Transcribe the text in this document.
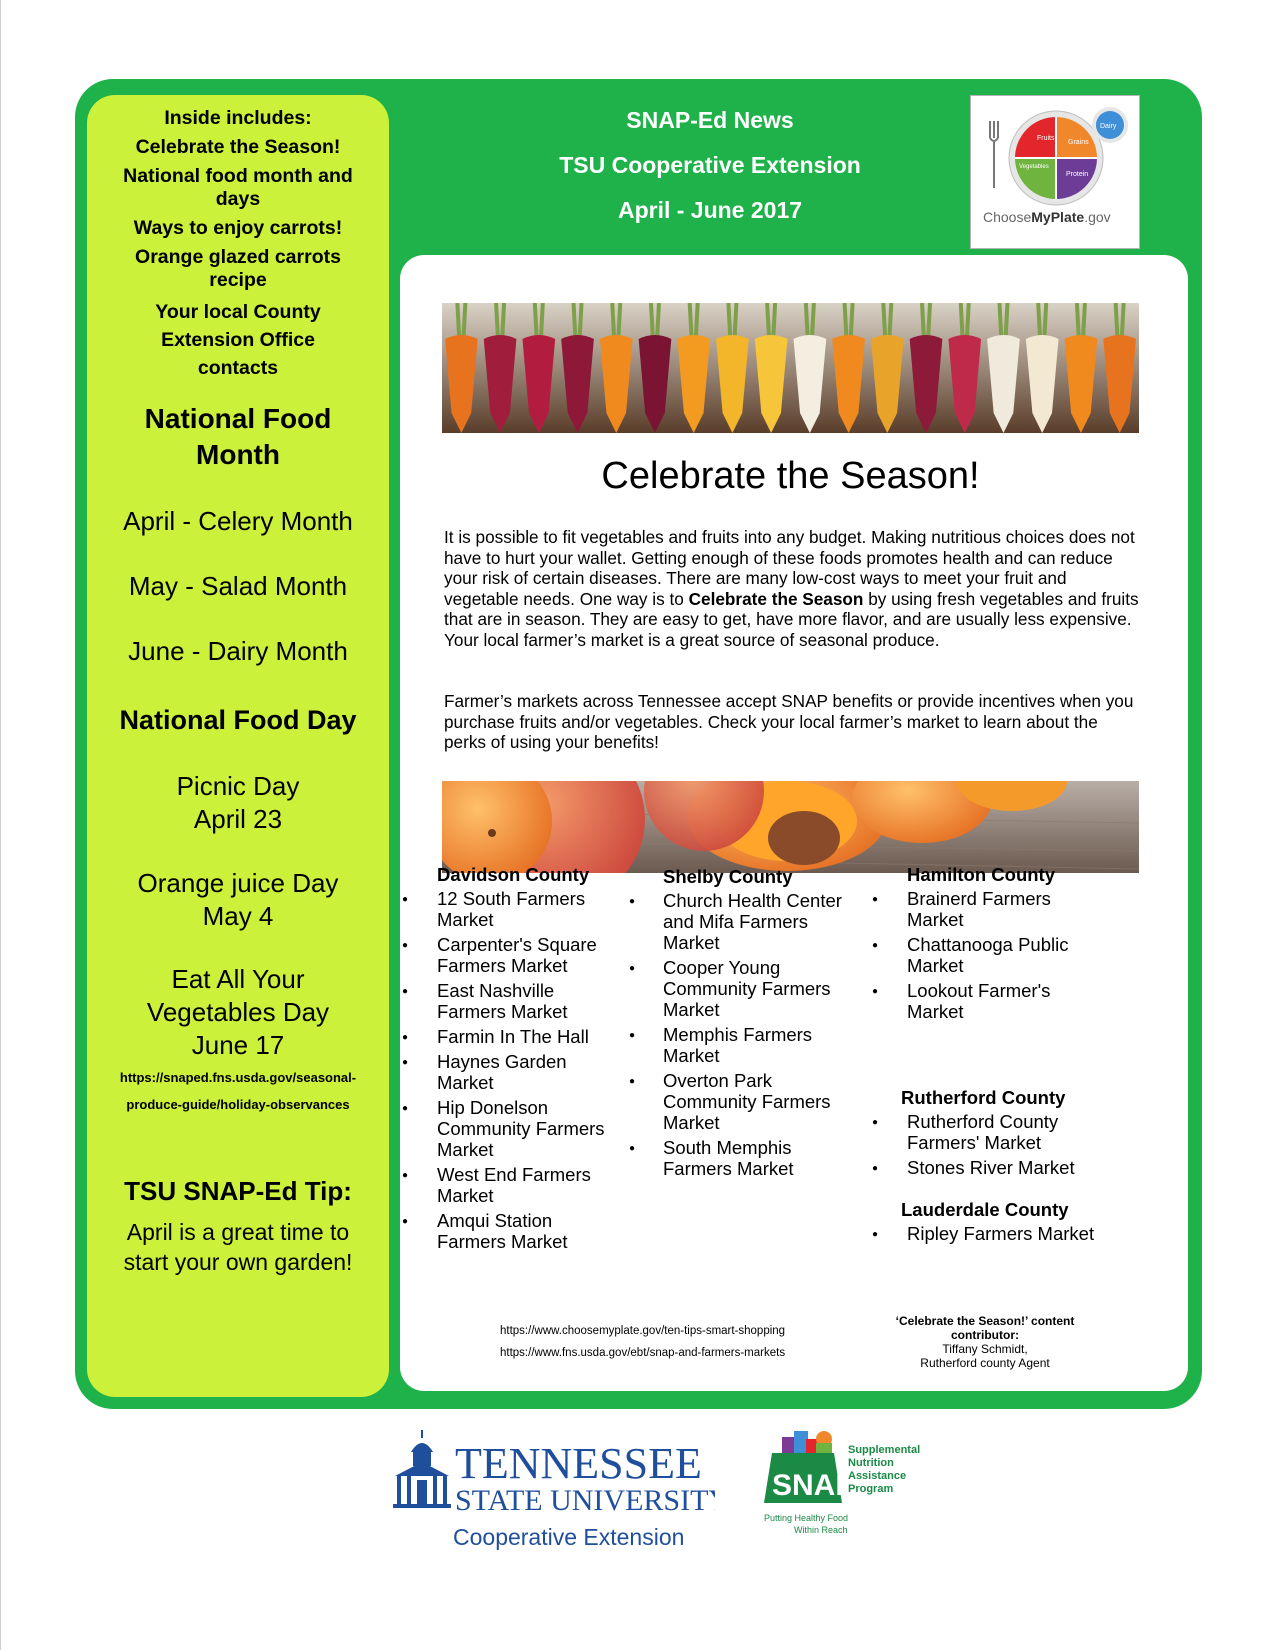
Inside includes:
Celebrate the Season!
National food month and days
Ways to enjoy carrots!
Orange glazed carrots recipe
Your local County Extension Office contacts
National Food
Month
April - Celery Month
May - Salad Month
June - Dairy Month
National Food Day
Picnic Day
April 23
Orange juice Day
May 4
Eat All Your
Vegetables Day
June 17
https://snaped.fns.usda.gov/seasonal-
produce-guide/holiday-observances
TSU SNAP-Ed Tip:
April is a great time to
start your own garden!
SNAP-Ed News
TSU Cooperative Extension
April - June 2017
Fruits
Grains
Vegetables
Protein
Dairy
ChooseMyPlate.gov
Celebrate the Season!

It is possible to fit vegetables and fruits into any budget. Making nutritious choices does not have to hurt your wallet. Getting enough of these foods promotes health and can reduce your risk of certain diseases. There are many low-cost ways to meet your fruit and vegetable needs. One way is to Celebrate the Season by using fresh vegetables and fruits that are in season. They are easy to get, have more flavor, and are usually less expensive. Your local farmer’s market is a great source of seasonal produce.

Farmer’s markets across Tennessee accept SNAP benefits or provide incentives when you purchase fruits and/or vegetables. Check your local farmer’s market to learn about the perks of using your benefits!

Davidson County
● 12 South Farmers
Market
● Carpenter's Square
Farmers Market
● East Nashville
Farmers Market
● Farmin In The Hall
● Haynes Garden
Market
● Hip Donelson
Community Farmers
Market
● West End Farmers
Market
● Amqui Station
Farmers Market
Shelby County
● Church Health Center
and Mifa Farmers
Market
● Cooper Young
Community Farmers
Market
● Memphis Farmers
Market
● Overton Park
Community Farmers
Market
● South Memphis
Farmers Market
Hamilton County
● Brainerd Farmers
Market
● Chattanooga Public
Market
● Lookout Farmer's
Market
Rutherford County
● Rutherford County
Farmers' Market
● Stones River Market
Lauderdale County
● Ripley Farmers Market
https://www.choosemyplate.gov/ten-tips-smart-shopping
https://www.fns.usda.gov/ebt/snap-and-farmers-markets
‘Celebrate the Season!’ content
contributor:
Tiffany Schmidt,
Rutherford county Agent
TENNESSEE
STATE UNIVERSITY
Cooperative Extension
SNAP
Supplemental
Nutrition
Assistance
Program
Putting Healthy Food
Within Reach
